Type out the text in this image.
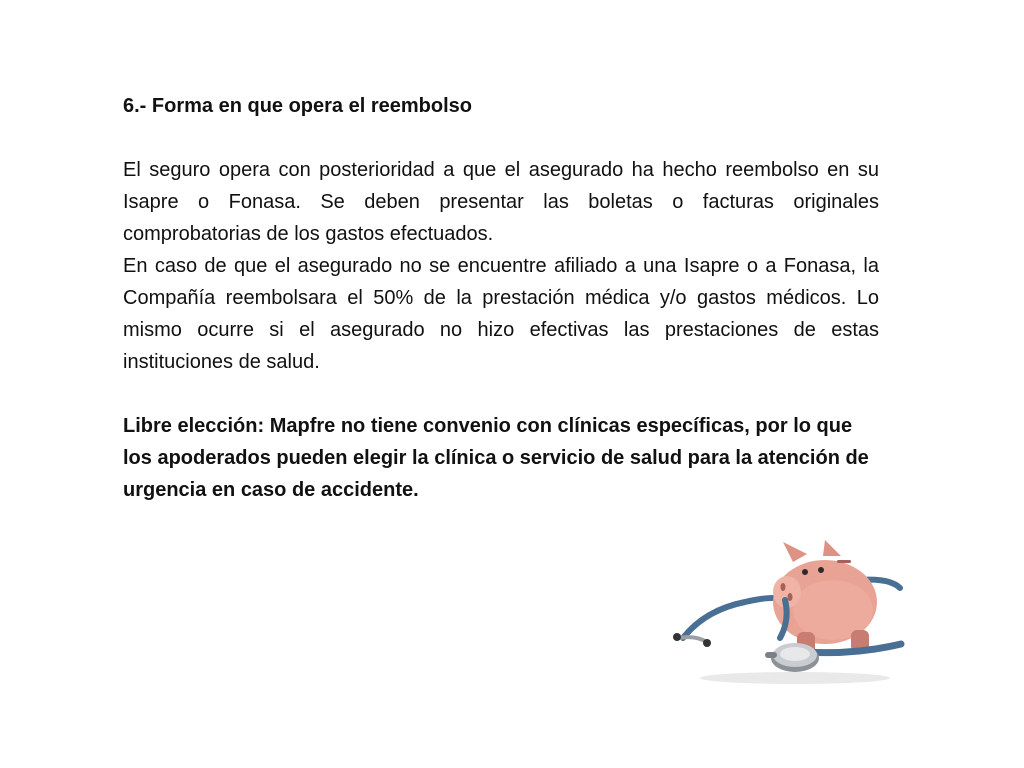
6.- Forma en que opera el reembolso

El seguro opera con posterioridad a que el asegurado ha hecho reembolso en su Isapre o Fonasa. Se deben presentar las boletas o facturas originales comprobatorias de los gastos efectuados.

En caso de que el asegurado no se encuentre afiliado a una Isapre o a Fonasa, la Compañía reembolsara el 50% de la prestación médica y/o gastos médicos. Lo mismo ocurre si el asegurado no hizo efectivas las prestaciones de estas instituciones de salud.

Libre elección: Mapfre no tiene convenio con clínicas específicas, por lo que los apoderados pueden elegir la clínica o servicio de salud para la atención de urgencia en caso de accidente.
